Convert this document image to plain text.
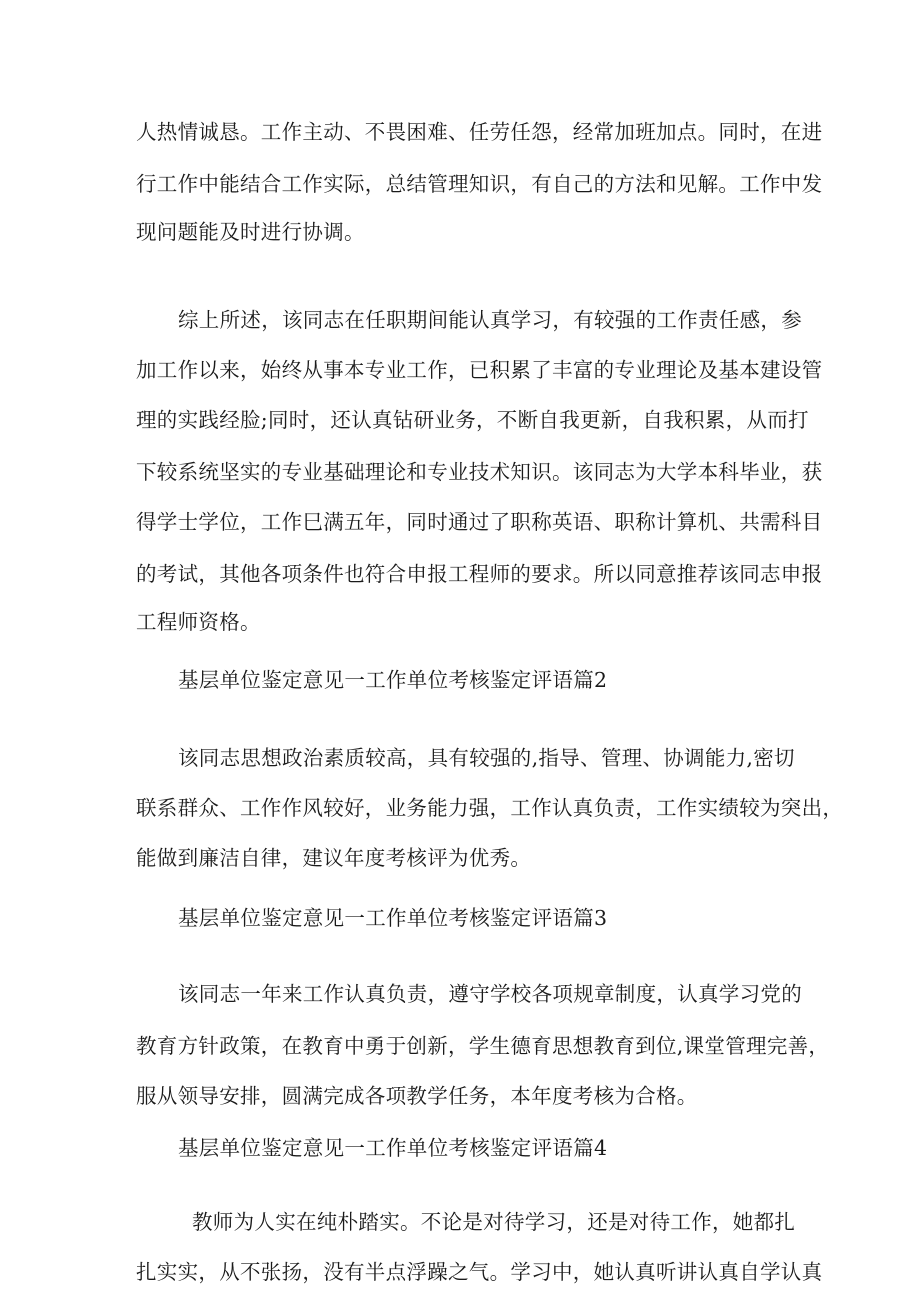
人热情诚恳。工作主动、不畏困难、任劳任怨，经常加班加点。同时，在进
行工作中能结合工作实际，总结管理知识，有自己的方法和见解。工作中发
现问题能及时进行协调。
综上所述，该同志在任职期间能认真学习，有较强的工作责任感，参
加工作以来，始终从事本专业工作，已积累了丰富的专业理论及基本建设管
理的实践经脸;同时，还认真钻研业务，不断自我更新，自我积累，从而打
下较系统坚实的专业基础理论和专业技术知识。该同志为大学本科毕业，获
得学士学位，工作巳满五年，同时通过了职称英语、职称计算机、共需科目
的考试，其他各项条件也符合申报工程师的要求。所以同意推荐该同志申报
工程师资格。
基层单位鉴定意见一工作单位考核鉴定评语篇2
该同志思想政治素质较高，具有较强的,指导、管理、协调能力,密切
联系群众、工作作风较好，业务能力强，工作认真负责，工作实绩较为突出，
能做到廉洁自律，建议年度考核评为优秀。
基层单位鉴定意见一工作单位考核鉴定评语篇3
该同志一年来工作认真负责，遵守学校各项规章制度，认真学习党的
教育方针政策，在教育中勇于创新，学生德育思想教育到位,课堂管理完善，
服从领导安排，圆满完成各项教学任务，本年度考核为合格。
基层单位鉴定意见一工作单位考核鉴定评语篇4
教师为人实在纯朴踏实。不论是对待学习，还是对待工作，她都扎
扎实实，从不张扬，没有半点浮躁之气。学习中，她认真听讲认真自学认真
